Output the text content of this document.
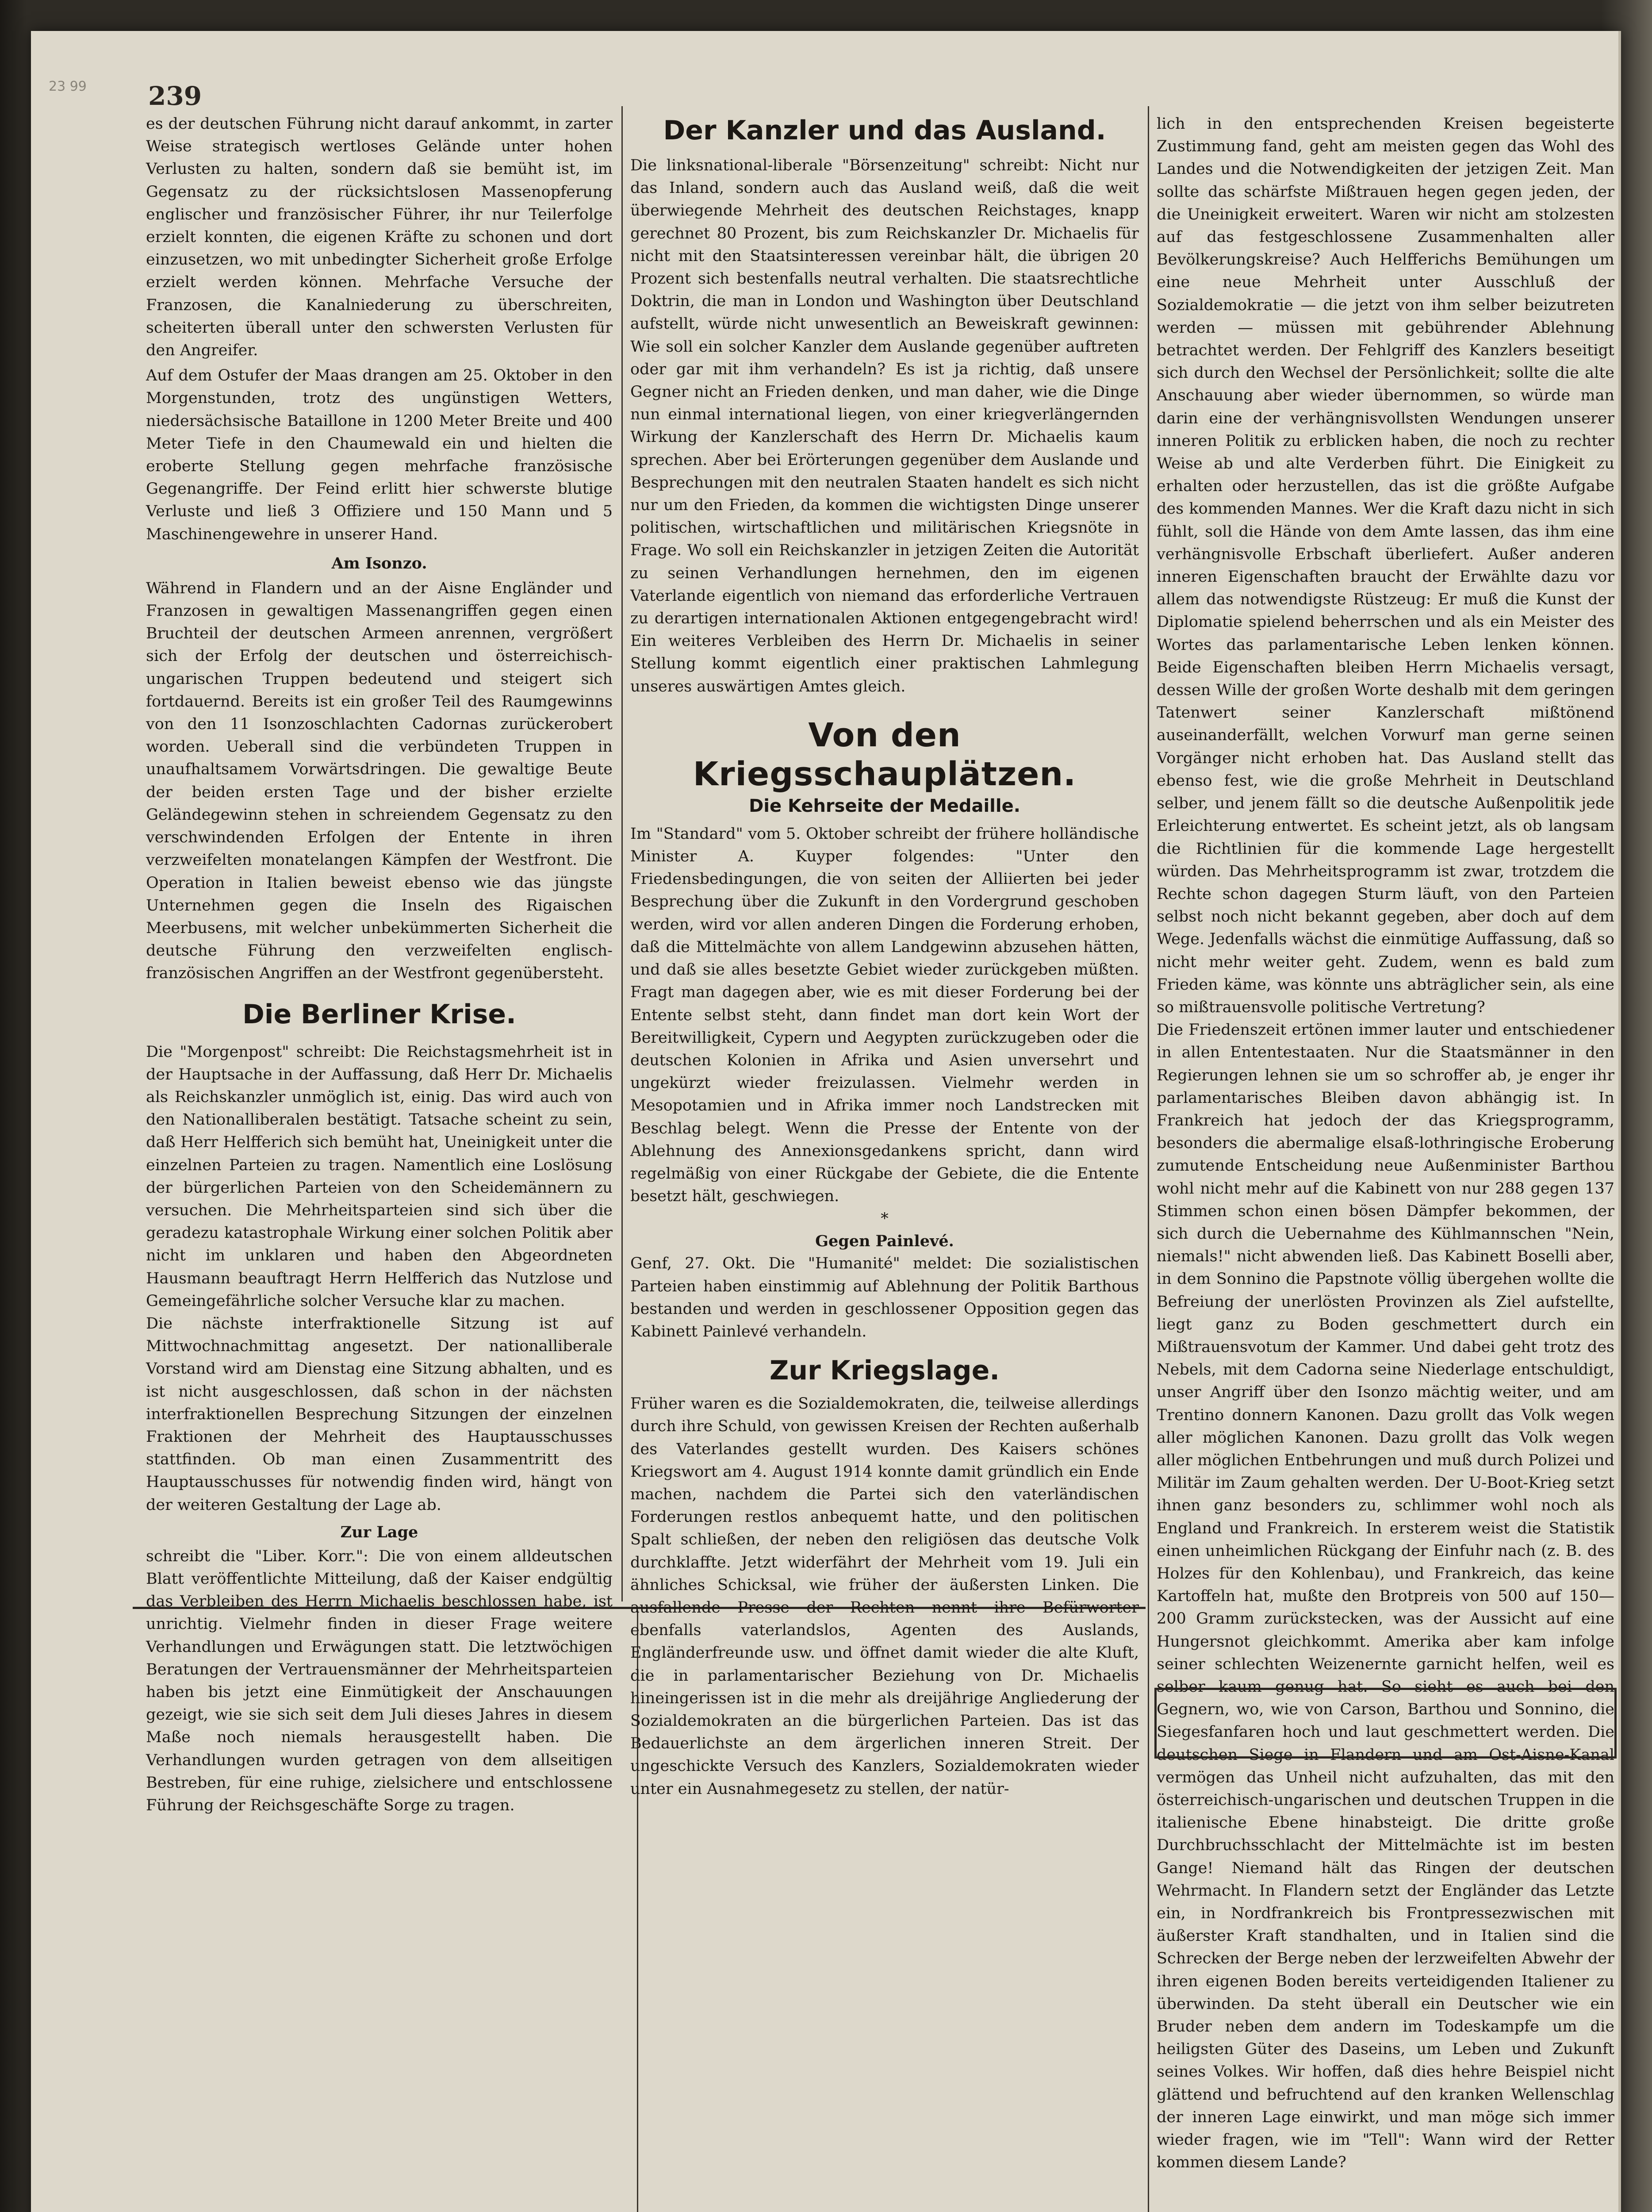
23 99	239

es der deutschen Führung nicht darauf ankommt, in zarter Weise strategisch wertloses Gelände unter hohen Verlusten zu halten, sondern daß sie bemüht ist, im Gegensatz zu der rücksichtslosen Massenopferung englischer und französischer Führer, ihr nur Teilerfolge erzielt konnten, die eigenen Kräfte zu schonen und dort einzusetzen, wo mit unbedingter Sicherheit große Erfolge erzielt werden können. Mehrfache Versuche der Franzosen, die Kanalniederung zu überschreiten, scheiterten überall unter den schwersten Verlusten für den Angreifer.

Auf dem Ostufer der Maas drangen am 25. Oktober in den Morgenstunden, trotz des ungünstigen Wetters, niedersächsische Bataillone in 1200 Meter Breite und 400 Meter Tiefe in den Chaumewald ein und hielten die eroberte Stellung gegen mehrfache französische Gegenangriffe. Der Feind erlitt hier schwerste blutige Verluste und ließ 3 Offiziere und 150 Mann und 5 Maschinengewehre in unserer Hand.

Am Isonzo.

Während in Flandern und an der Aisne Engländer und Franzosen in gewaltigen Massenangriffen gegen einen Bruchteil der deutschen Armeen anrennen, vergrößert sich der Erfolg der deutschen und österreichisch-ungarischen Truppen bedeutend und steigert sich fortdauernd. Bereits ist ein großer Teil des Raumgewinns von den 11 Isonzoschlachten Cadornas zurückerobert worden. Ueberall sind die verbündeten Truppen in unaufhaltsamem Vorwärtsdringen. Die gewaltige Beute der beiden ersten Tage und der bisher erzielte Geländegewinn stehen in schreiendem Gegensatz zu den verschwindenden Erfolgen der Entente in ihren verzweifelten monatelangen Kämpfen der Westfront. Die Operation in Italien beweist ebenso wie das jüngste Unternehmen gegen die Inseln des Rigaischen Meerbusens, mit welcher unbekümmerten Sicherheit die deutsche Führung den verzweifelten englisch-französischen Angriffen an der Westfront gegenübersteht.

Die Berliner Krise.

Die "Morgenpost" schreibt: Die Reichstagsmehrheit ist in der Hauptsache in der Auffassung, daß Herr Dr. Michaelis als Reichskanzler unmöglich ist, einig. Das wird auch von den Nationalliberalen bestätigt. Tatsache scheint zu sein, daß Herr Helfferich sich bemüht hat, Uneinigkeit unter die einzelnen Parteien zu tragen. Namentlich eine Loslösung der bürgerlichen Parteien von den Scheidemännern zu versuchen. Die Mehrheitsparteien sind sich über die geradezu katastrophale Wirkung einer solchen Politik aber nicht im unklaren und haben den Abgeordneten Hausmann beauftragt Herrn Helfferich das Nutzlose und Gemeingefährliche solcher Versuche klar zu machen.

Die nächste interfraktionelle Sitzung ist auf Mittwochnachmittag angesetzt. Der nationalliberale Vorstand wird am Dienstag eine Sitzung abhalten, und es ist nicht ausgeschlossen, daß schon in der nächsten interfraktionellen Besprechung Sitzungen der einzelnen Fraktionen der Mehrheit des Hauptausschusses stattfinden. Ob man einen Zusammentritt des Hauptausschusses für notwendig finden wird, hängt von der weiteren Gestaltung der Lage ab.

Zur Lage

schreibt die "Liber. Korr.": Die von einem alldeutschen Blatt veröffentlichte Mitteilung, daß der Kaiser endgültig das Verbleiben des Herrn Michaelis beschlossen habe, ist unrichtig. Vielmehr finden in dieser Frage weitere Verhandlungen und Erwägungen statt. Die letztwöchigen Beratungen der Vertrauensmänner der Mehrheitsparteien haben bis jetzt eine Einmütigkeit der Anschauungen gezeigt, wie sie sich seit dem Juli dieses Jahres in diesem Maße noch niemals herausgestellt haben. Die Verhandlungen wurden getragen von dem allseitigen Bestreben, für eine ruhige, zielsichere und entschlossene Führung der Reichsgeschäfte Sorge zu tragen.

Der Kanzler und das Ausland.

Die linksnational-liberale "Börsenzeitung" schreibt: Nicht nur das Inland, sondern auch das Ausland weiß, daß die weit überwiegende Mehrheit des deutschen Reichstages, knapp gerechnet 80 Prozent, bis zum Reichskanzler Dr. Michaelis für nicht mit den Staatsinteressen vereinbar hält, die übrigen 20 Prozent sich bestenfalls neutral verhalten. Die staatsrechtliche Doktrin, die man in London und Washington über Deutschland aufstellt, würde nicht unwesentlich an Beweiskraft gewinnen: Wie soll ein solcher Kanzler dem Auslande gegenüber auftreten oder gar mit ihm verhandeln? Es ist ja richtig, daß unsere Gegner nicht an Frieden denken, und man daher, wie die Dinge nun einmal international liegen, von einer kriegverlängernden Wirkung der Kanzlerschaft des Herrn Dr. Michaelis kaum sprechen. Aber bei Erörterungen gegenüber dem Auslande und Besprechungen mit den neutralen Staaten handelt es sich nicht nur um den Frieden, da kommen die wichtigsten Dinge unserer politischen, wirtschaftlichen und militärischen Kriegsnöte in Frage. Wo soll ein Reichskanzler in jetzigen Zeiten die Autorität zu seinen Verhandlungen hernehmen, den im eigenen Vaterlande eigentlich von niemand das erforderliche Vertrauen zu derartigen internationalen Aktionen entgegengebracht wird! Ein weiteres Verbleiben des Herrn Dr. Michaelis in seiner Stellung kommt eigentlich einer praktischen Lahmlegung unseres auswärtigen Amtes gleich.

Von den Kriegsschauplätzen.
Die Kehrseite der Medaille.

Im "Standard" vom 5. Oktober schreibt der frühere holländische Minister A. Kuyper folgendes: "Unter den Friedensbedingungen, die von seiten der Alliierten bei jeder Besprechung über die Zukunft in den Vordergrund geschoben werden, wird vor allen anderen Dingen die Forderung erhoben, daß die Mittelmächte von allem Landgewinn abzusehen hätten, und daß sie alles besetzte Gebiet wieder zurückgeben müßten. Fragt man dagegen aber, wie es mit dieser Forderung bei der Entente selbst steht, dann findet man dort kein Wort der Bereitwilligkeit, Cypern und Aegypten zurückzugeben oder die deutschen Kolonien in Afrika und Asien unversehrt und ungekürzt wieder freizulassen. Vielmehr werden in Mesopotamien und in Afrika immer noch Landstrecken mit Beschlag belegt. Wenn die Presse der Entente von der Ablehnung des Annexionsgedankens spricht, dann wird regelmäßig von einer Rückgabe der Gebiete, die die Entente besetzt hält, geschwiegen.

*
Gegen Painlevé.

Genf, 27. Okt. Die "Humanité" meldet: Die sozialistischen Parteien haben einstimmig auf Ablehnung der Politik Barthous bestanden und werden in geschlossener Opposition gegen das Kabinett Painlevé verhandeln.

Zur Kriegslage.

Früher waren es die Sozialdemokraten, die, teilweise allerdings durch ihre Schuld, von gewissen Kreisen der Rechten außerhalb des Vaterlandes gestellt wurden. Des Kaisers schönes Kriegswort am 4. August 1914 konnte damit gründlich ein Ende machen, nachdem die Partei sich den vaterländischen Forderungen restlos anbequemt hatte, und den politischen Spalt schließen, der neben den religiösen das deutsche Volk durchklaffte. Jetzt widerfährt der Mehrheit vom 19. Juli ein ähnliches Schicksal, wie früher der äußersten Linken. Die ausfallende Presse der Rechten nennt ihre Befürworter ebenfalls vaterlandslos, Agenten des Auslands, Engländerfreunde usw. und öffnet damit wieder die alte Kluft, die in parlamentarischer Beziehung von Dr. Michaelis hineingerissen ist in die mehr als dreijährige Angliederung der Sozialdemokraten an die bürgerlichen Parteien. Das ist das Bedauerlichste an dem ärgerlichen inneren Streit. Der ungeschickte Versuch des Kanzlers, Sozialdemokraten wieder unter ein Ausnahmegesetz zu stellen, der natür-

lich in den entsprechenden Kreisen begeisterte Zustimmung fand, geht am meisten gegen das Wohl des Landes und die Notwendigkeiten der jetzigen Zeit. Man sollte das schärfste Mißtrauen hegen gegen jeden, der die Uneinigkeit erweitert. Waren wir nicht am stolzesten auf das festgeschlossene Zusammenhalten aller Bevölkerungskreise? Auch Helfferichs Bemühungen um eine neue Mehrheit unter Ausschluß der Sozialdemokratie — die jetzt von ihm selber beizutreten werden — müssen mit gebührender Ablehnung betrachtet werden. Der Fehlgriff des Kanzlers beseitigt sich durch den Wechsel der Persönlichkeit; sollte die alte Anschauung aber wieder übernommen, so würde man darin eine der verhängnisvollsten Wendungen unserer inneren Politik zu erblicken haben, die noch zu rechter Weise ab und alte Verderben führt. Die Einigkeit zu erhalten oder herzustellen, das ist die größte Aufgabe des kommenden Mannes. Wer die Kraft dazu nicht in sich fühlt, soll die Hände von dem Amte lassen, das ihm eine verhängnisvolle Erbschaft überliefert. Außer anderen inneren Eigenschaften braucht der Erwählte dazu vor allem das notwendigste Rüstzeug: Er muß die Kunst der Diplomatie spielend beherrschen und als ein Meister des Wortes das parlamentarische Leben lenken können. Beide Eigenschaften bleiben Herrn Michaelis versagt, dessen Wille der großen Worte deshalb mit dem geringen Tatenwert seiner Kanzlerschaft mißtönend auseinanderfällt, welchen Vorwurf man gerne seinen Vorgänger nicht erhoben hat. Das Ausland stellt das ebenso fest, wie die große Mehrheit in Deutschland selber, und jenem fällt so die deutsche Außenpolitik jede Erleichterung entwertet. Es scheint jetzt, als ob langsam die Richtlinien für die kommende Lage hergestellt würden. Das Mehrheitsprogramm ist zwar, trotzdem die Rechte schon dagegen Sturm läuft, von den Parteien selbst noch nicht bekannt gegeben, aber doch auf dem Wege. Jedenfalls wächst die einmütige Auffassung, daß so nicht mehr weiter geht. Zudem, wenn es bald zum Frieden käme, was könnte uns abträglicher sein, als eine so mißtrauensvolle politische Vertretung?

Die Friedenszeit ertönen immer lauter und entschiedener in allen Ententestaaten. Nur die Staatsmänner in den Regierungen lehnen sie um so schroffer ab, je enger ihr parlamentarisches Bleiben davon abhängig ist. In Frankreich hat jedoch der das Kriegsprogramm, besonders die abermalige elsaß-lothringische Eroberung zumutende Entscheidung neue Außenminister Barthou wohl nicht mehr auf die Kabinett von nur 288 gegen 137 Stimmen schon einen bösen Dämpfer bekommen, der sich durch die Uebernahme des Kühlmannschen "Nein, niemals!" nicht abwenden ließ. Das Kabinett Boselli aber, in dem Sonnino die Papstnote völlig übergehen wollte die Befreiung der unerlösten Provinzen als Ziel aufstellte, liegt ganz zu Boden geschmettert durch ein Mißtrauensvotum der Kammer. Und dabei geht trotz des Nebels, mit dem Cadorna seine Niederlage entschuldigt, unser Angriff über den Isonzo mächtig weiter, und am Trentino donnern Kanonen. Dazu grollt das Volk wegen aller möglichen Kanonen. Dazu grollt das Volk wegen aller möglichen Entbehrungen und muß durch Polizei und Militär im Zaum gehalten werden. Der U-Boot-Krieg setzt ihnen ganz besonders zu, schlimmer wohl noch als England und Frankreich. In ersterem weist die Statistik einen unheimlichen Rückgang der Einfuhr nach (z. B. des Holzes für den Kohlenbau), und Frankreich, das keine Kartoffeln hat, mußte den Brotpreis von 500 auf 150—200 Gramm zurückstecken, was der Aussicht auf eine Hungersnot gleichkommt. Amerika aber kam infolge seiner schlechten Weizenernte garnicht helfen, weil es selber kaum genug hat. So sieht es auch bei den Gegnern, wo, wie von Carson, Barthou und Sonnino, die Siegesfanfaren hoch und laut geschmettert werden. Die deutschen Siege in Flandern und am Ost-Aisne-Kanal vermögen das Unheil nicht aufzuhalten, das mit den österreichisch-ungarischen und deutschen Truppen in die italienische Ebene hinabsteigt. Die dritte große Durchbruchsschlacht der Mittelmächte ist im besten Gange! Niemand hält das Ringen der deutschen Wehrmacht. In Flandern setzt der Engländer das Letzte ein, in Nordfrankreich bis Frontpressezwischen mit äußerster Kraft standhalten, und in Italien sind die Schrecken der Berge neben der lerzweifelten Abwehr der ihren eigenen Boden bereits verteidigenden Italiener zu überwinden. Da steht überall ein Deutscher wie ein Bruder neben dem andern im Todeskampfe um die heiligsten Güter des Daseins, um Leben und Zukunft seines Volkes. Wir hoffen, daß dies hehre Beispiel nicht glättend und befruchtend auf den kranken Wellenschlag der inneren Lage einwirkt, und man möge sich immer wieder fragen, wie im "Tell": Wann wird der Retter kommen diesem Lande?
